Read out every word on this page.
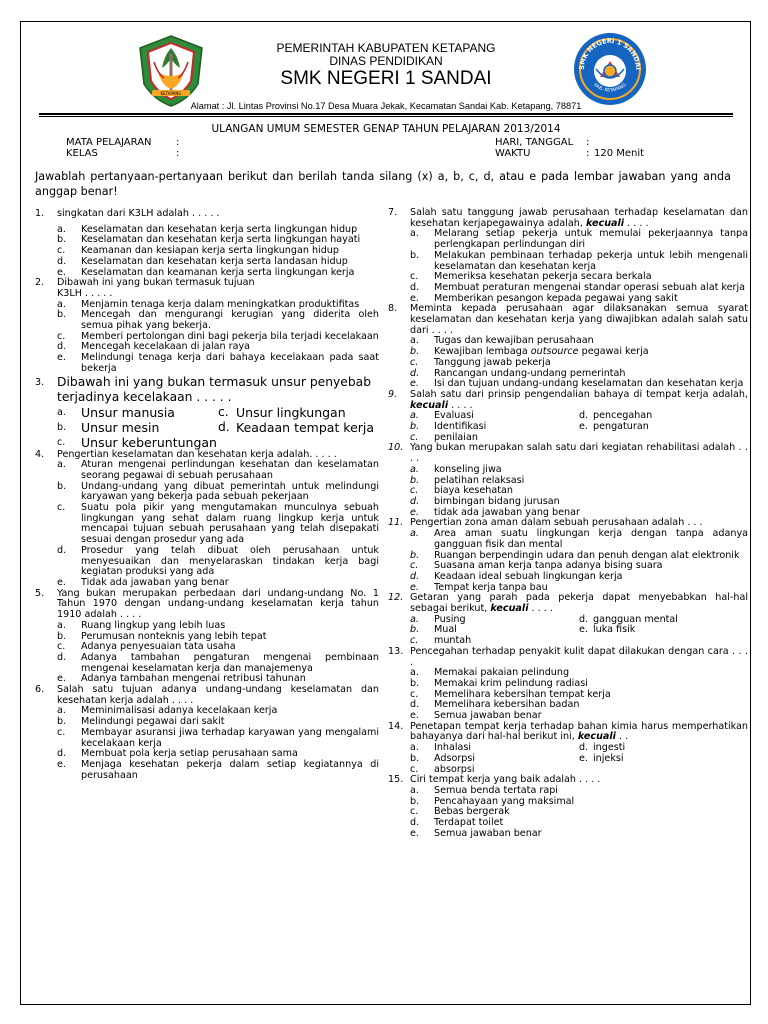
KETAPANG
SMK NEGERI 1 SANDAI
KAB. KETAPANG
PEMERINTAH KABUPATEN KETAPANG
DINAS PENDIDIKAN
SMK NEGERI 1 SANDAI
Alamat : Jl. Lintas Provinsi No.17 Desa Muara Jekak, Kecamatan Sandai Kab. Ketapang, 78871
ULANGAN UMUM SEMESTER GENAP TAHUN PELAJARAN 2013/2014
MATA PELAJARAN :
KELAS	:
HARI, TANGGAL :
WAKTU	: 120 Menit
Jawablah pertanyaan-pertanyaan berikut dan berilah tanda silang (x) a, b, c, d, atau e pada lembar jawaban yang anda anggap benar!
1.	singkatan dari K3LH adalah . . . . .
a.	Keselamatan dan kesehatan kerja serta lingkungan hidup
b.	Keselamatan dan kesehatan kerja serta lingkungan hayati
c.	Keamanan dan kesiapan kerja serta lingkungan hidup
d.	Keselamatan dan kesehatan kerja serta landasan hidup
e.	Keselamatan dan keamanan kerja serta lingkungan kerja
2.	Dibawah ini yang bukan termasuk tujuan
K3LH . . . . .
a.	Menjamin tenaga kerja dalam meningkatkan produktifitas
b.	Mencegah dan mengurangi kerugian yang diderita oleh semua pihak yang bekerja.
c.	Memberi pertolongan dini bagi pekerja bila terjadi kecelakaan
d.	Mencegah kecelakaan di jalan raya
e.	Melindungi tenaga kerja dari bahaya kecelakaan pada saat bekerja
3.	Dibawah ini yang bukan termasuk unsur penyebab terjadinya kecelakaan . . . . .
a.	Unsur manusia	c. Unsur lingkungan
b.	Unsur mesin	d. Keadaan tempat kerja
c.	Unsur keberuntungan
4.	Pengertian keselamatan dan kesehatan kerja adalah. . . . .
a.	Aturan mengenai perlindungan kesehatan dan keselamatan seorang pegawai di sebuah perusahaan
b.	Undang-undang yang dibuat pemerintah untuk melindungi karyawan yang bekerja pada sebuah pekerjaan
c.	Suatu pola pikir yang mengutamakan munculnya sebuah lingkungan yang sehat dalam ruang lingkup kerja untuk mencapai tujuan sebuah perusahaan yang telah disepakati sesuai dengan prosedur yang ada
d.	Prosedur yang telah dibuat oleh perusahaan untuk menyesuaikan dan menyelaraskan tindakan kerja bagi kegiatan produksi yang ada
e.	Tidak ada jawaban yang benar
5.	Yang bukan merupakan perbedaan dari undang-undang No. 1 Tahun 1970 dengan undang-undang keselamatan kerja tahun 1910 adalah . . . .
a.	Ruang lingkup yang lebih luas
b.	Perumusan nonteknis yang lebih tepat
c.	Adanya penyesuaian tata usaha
d.	Adanya tambahan pengaturan mengenai pembinaan mengenai keselamatan kerja dan manajemenya
e.	Adanya tambahan mengenai retribusi tahunan
6.	Salah satu tujuan adanya undang-undang keselamatan dan kesehatan kerja adalah . . . .
a.	Meminimalisasi adanya kecelakaan kerja
b.	Melindungi pegawai dari sakit
c.	Membayar asuransi jiwa terhadap karyawan yang mengalami kecelakaan kerja
d.	Membuat pola kerja setiap perusahaan sama
e.	Menjaga kesehatan pekerja dalam setiap kegiatannya di perusahaan
7.	Salah satu tanggung jawab perusahaan terhadap keselamatan dan kesehatan kerjapegawainya adalah, kecuali . . . .
a.	Melarang setiap pekerja untuk memulai pekerjaannya tanpa perlengkapan perlindungan diri
b.	Melakukan pembinaan terhadap pekerja untuk lebih mengenali keselamatan dan kesehatan kerja
c.	Memeriksa kesehatan pekerja secara berkala
d.	Membuat peraturan mengenai standar operasi sebuah alat kerja
e.	Memberikan pesangon kepada pegawai yang sakit
8.	Meminta kepada perusahaan agar dilaksanakan semua syarat keselamatan dan kesehatan kerja yang diwajibkan adalah salah satu dari . . . .
a.	Tugas dan kewajiban perusahaan
b.	Kewajiban lembaga outsource pegawai kerja
c.	Tanggung jawab pekerja
d.	Rancangan undang-undang pemerintah
e.	Isi dan tujuan undang-undang keselamatan dan kesehatan kerja
9.	Salah satu dari prinsip pengendalian bahaya di tempat kerja adalah, kecuali . . . .
a.	Evaluasi	d. pencegahan
b.	Identifikasi	e. pengaturan
c.	penilaian
10. Yang bukan merupakan salah satu dari kegiatan rehabilitasi adalah . . . .
a.	konseling jiwa
b.	pelatihan relaksasi
c.	biaya kesehatan
d.	bimbingan bidang jurusan
e.	tidak ada jawaban yang benar
11. Pengertian zona aman dalam sebuah perusahaan adalah . . .
a.	Area aman suatu lingkungan kerja dengan tanpa adanya gangguan fisik dan mental
b.	Ruangan berpendingin udara dan penuh dengan alat elektronik
c.	Suasana aman kerja tanpa adanya bising suara
d.	Keadaan ideal sebuah lingkungan kerja
e.	Tempat kerja tanpa bau
12. Getaran yang parah pada pekerja dapat menyebabkan hal-hal sebagai berikut, kecuali . . . .
a.	Pusing	d. gangguan mental
b.	Mual	e. luka fisik
c.	muntah
13. Pencegahan terhadap penyakit kulit dapat dilakukan dengan cara . . . .
a.	Memakai pakaian pelindung
b.	Memakai krim pelindung radiasi
c.	Memelihara kebersihan tempat kerja
d.	Memelihara kebersihan badan
e.	Semua jawaban benar
14. Penetapan tempat kerja terhadap bahan kimia harus memperhatikan bahayanya dari hal-hal berikut ini, kecuali . .
a.	Inhalasi	d. ingesti
b.	Adsorpsi	e. injeksi
c.	absorpsi
15. Ciri tempat kerja yang baik adalah . . . .
a.	Semua benda tertata rapi
b.	Pencahayaan yang maksimal
c.	Bebas bergerak
d.	Terdapat toilet
e.	Semua jawaban benar
